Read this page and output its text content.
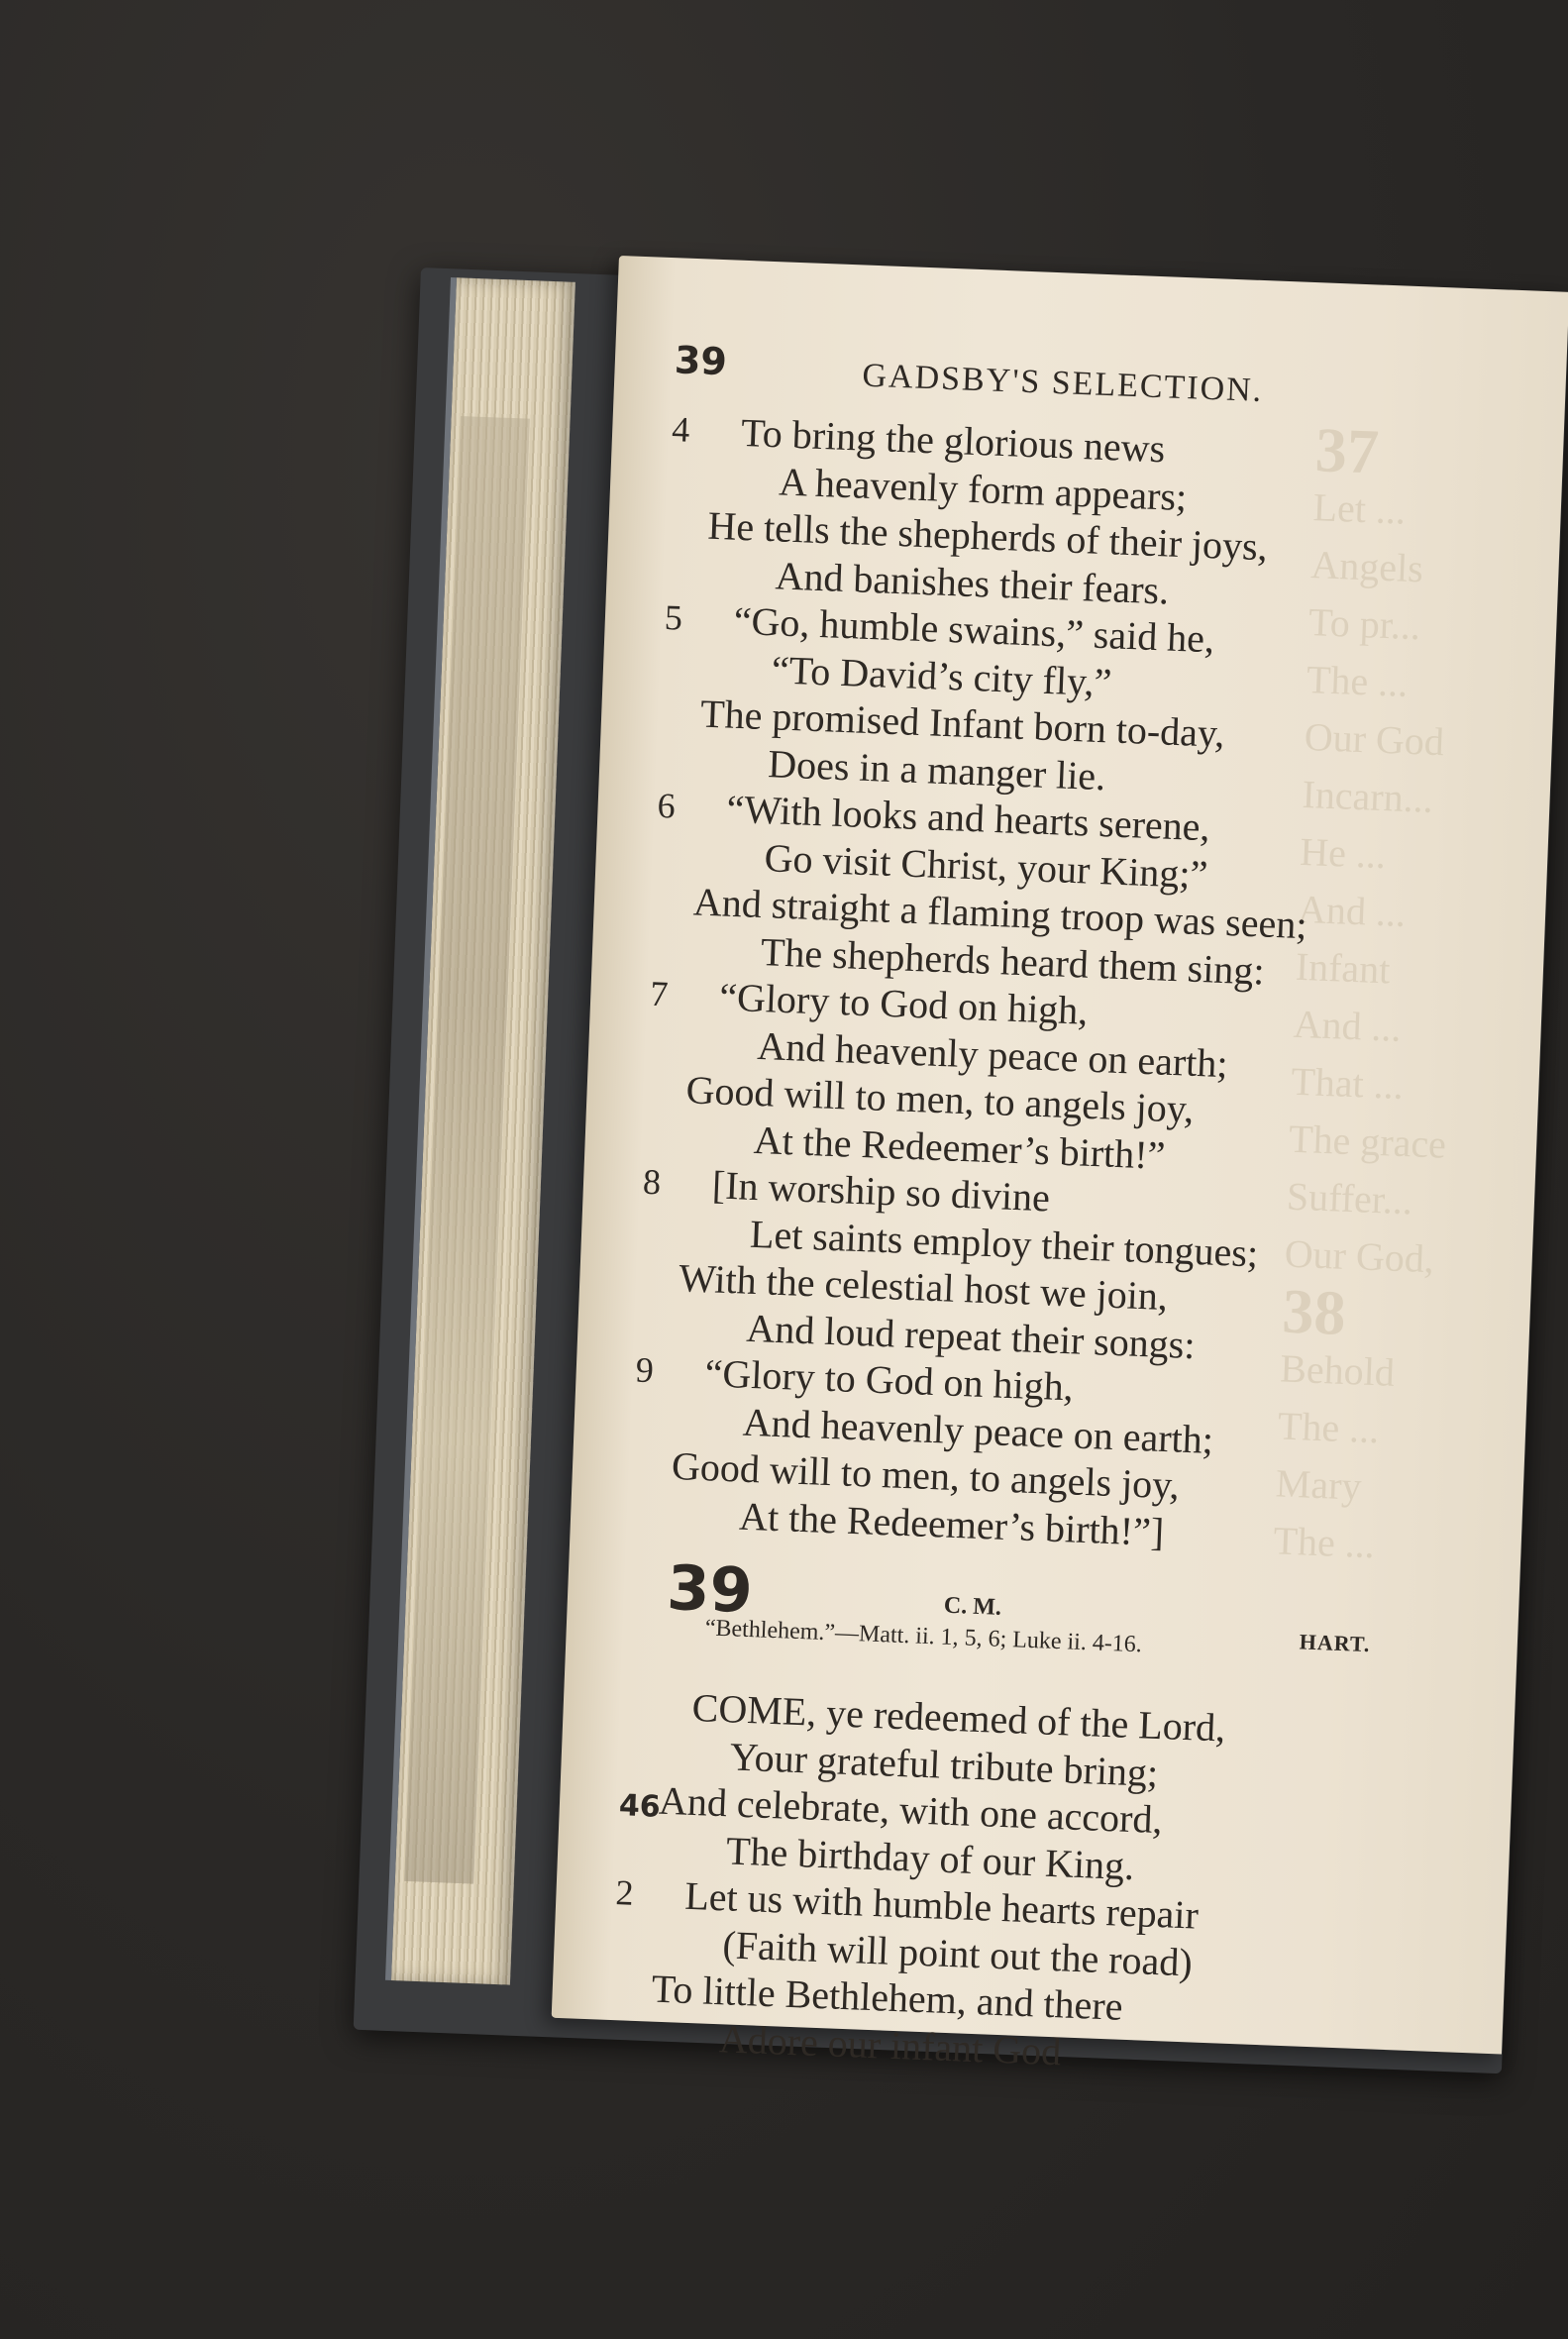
37
Let ...
Angels
To pr...
The ...
Our God
Incarn...
He ...
And ...
Infant
And ...
That ...
The grace
Suffer...
Our God,
38
Behold
The ...
Mary
The ...
39	GADSBY'S SELECTION.
4	To bring the glorious news
A heavenly form appears;
He tells the shepherds of their joys,
And banishes their fears.
5	“Go, humble swains,” said he,
“To David’s city fly,”
The promised Infant born to-day,
Does in a manger lie.
6	“With looks and hearts serene,
Go visit Christ, your King;”
And straight a flaming troop was seen;
The shepherds heard them sing:
7	“Glory to God on high,
And heavenly peace on earth;
Good will to men, to angels joy,
At the Redeemer’s birth!”
8	[In worship so divine
Let saints employ their tongues;
With the celestial host we join,
And loud repeat their songs:
9	“Glory to God on high,
And heavenly peace on earth;
Good will to men, to angels joy,
At the Redeemer’s birth!”]
39	C. M.
“Bethlehem.”—Matt. ii. 1, 5, 6; Luke ii. 4-16.	HART.
COME, ye redeemed of the Lord,
Your grateful tribute bring;
And celebrate, with one accord,
The birthday of our King.
2	Let us with humble hearts repair
(Faith will point out the road)
To little Bethlehem, and there
Adore our infant God
46
